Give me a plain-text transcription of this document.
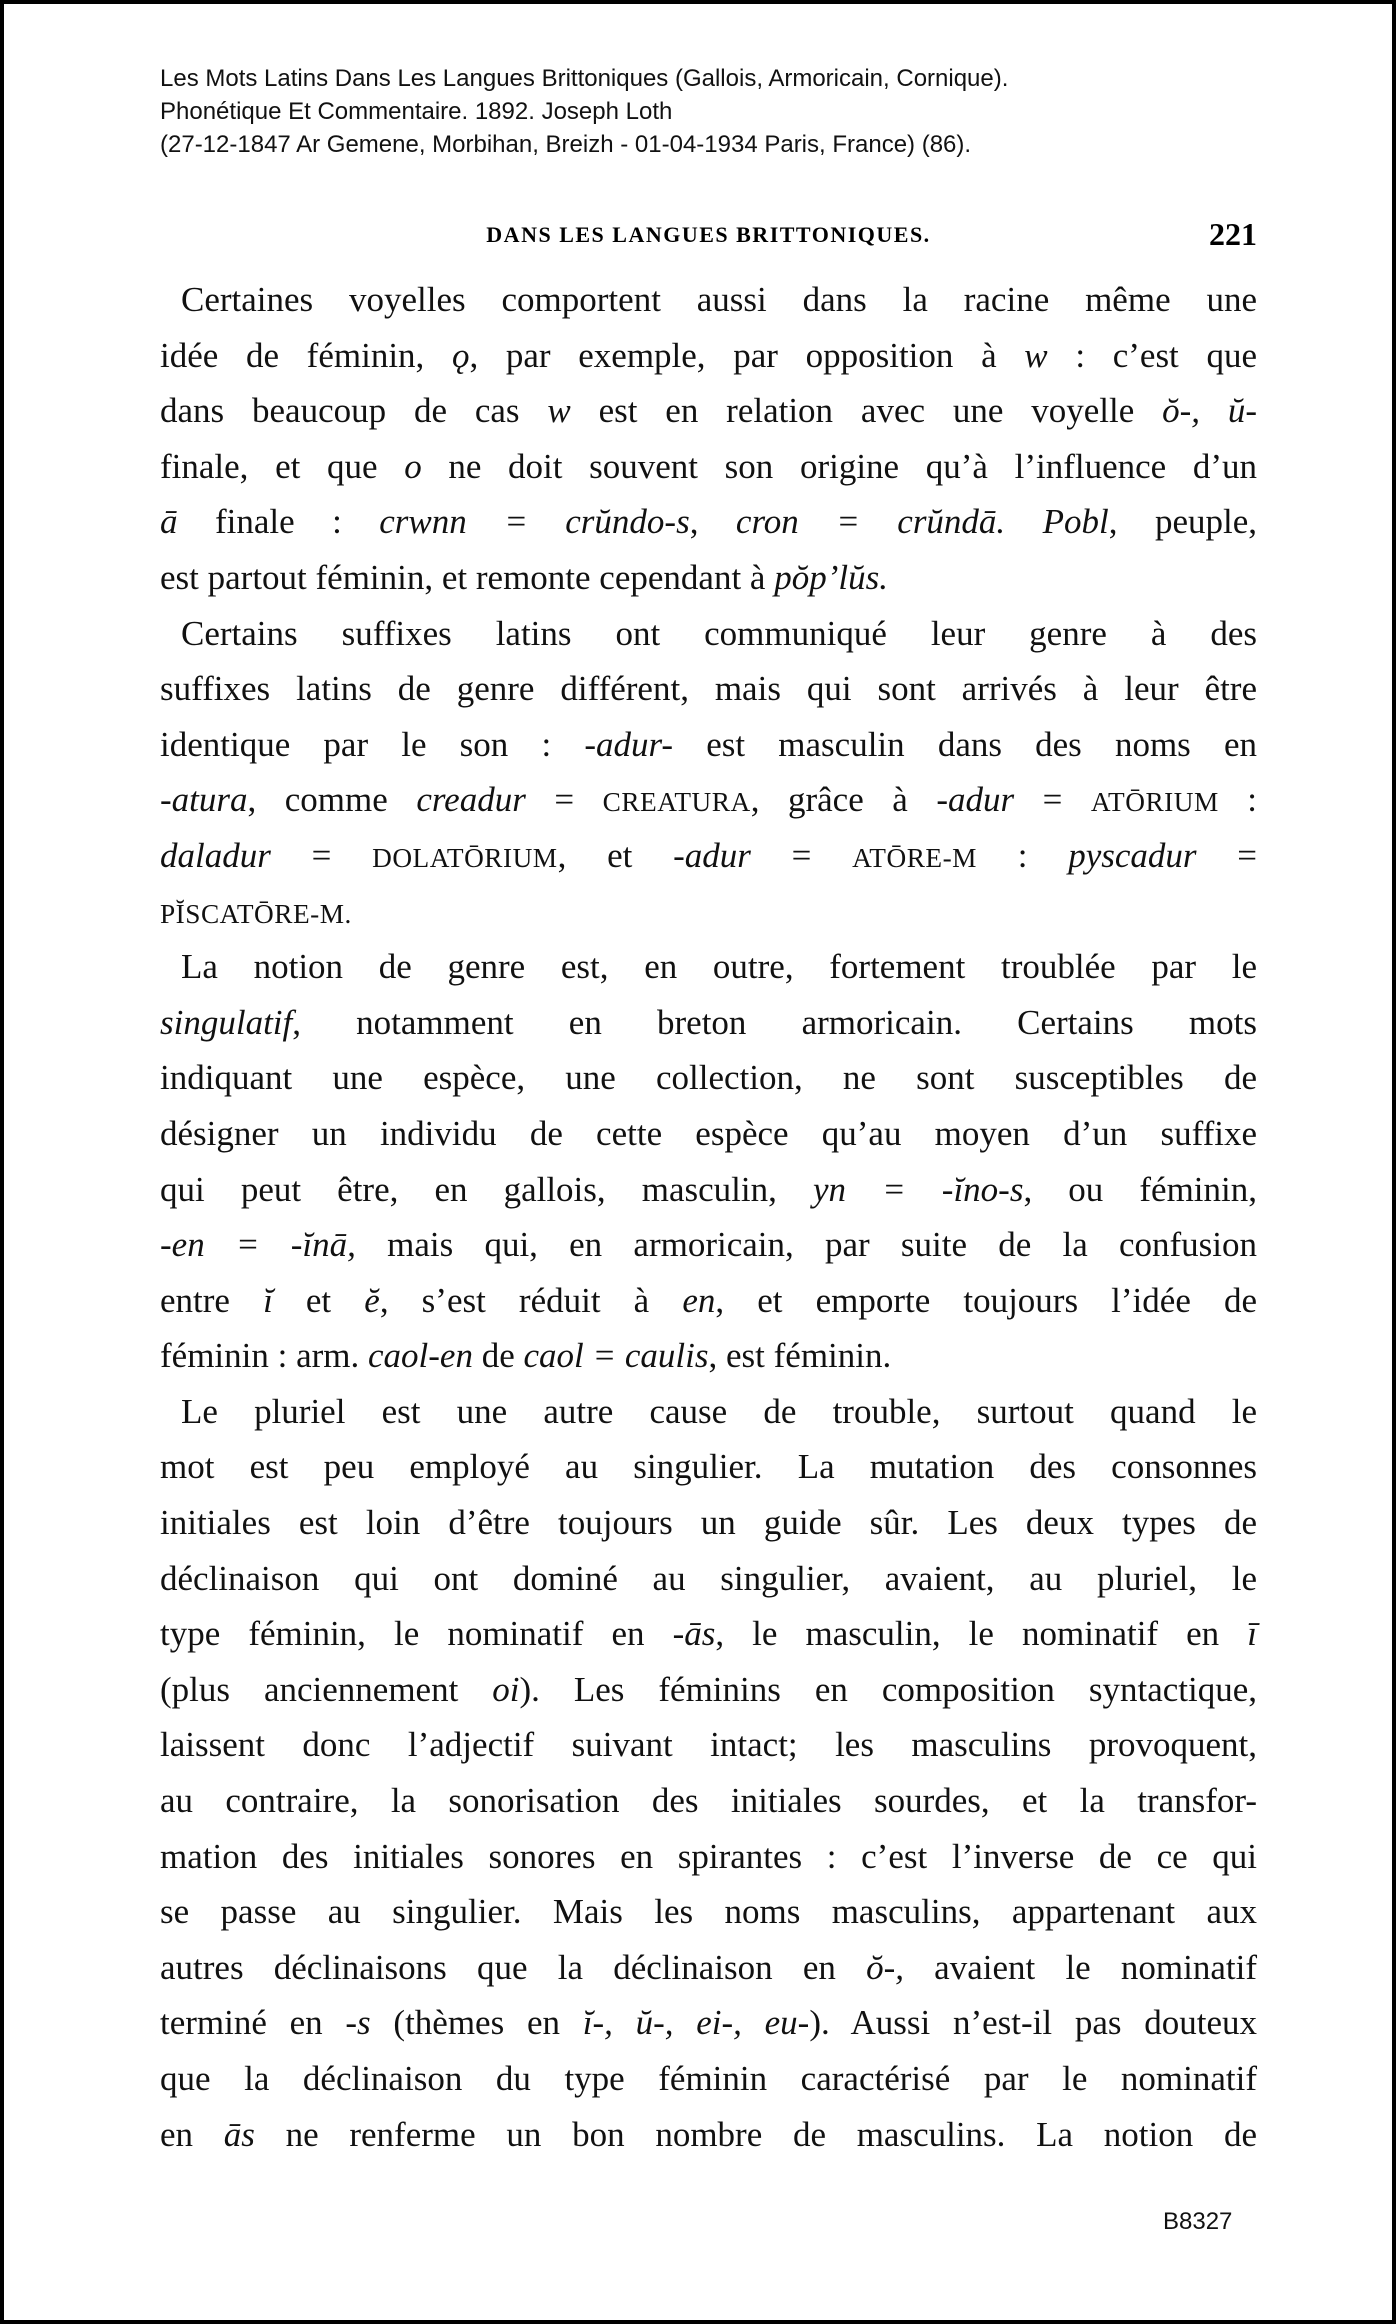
Les Mots Latins Dans Les Langues Brittoniques (Gallois, Armoricain, Cornique).
Phonétique Et Commentaire. 1892. Joseph Loth
(27-12-1847 Ar Gemene, Morbihan, Breizh - 01-04-1934 Paris, France) (86).
DANS LES LANGUES BRITTONIQUES.	221
Certaines voyelles comportent aussi dans la racine même une
idée de féminin, ǫ, par exemple, par opposition à w : c’est que
dans beaucoup de cas w est en relation avec une voyelle ŏ-, ŭ-
finale, et que o ne doit souvent son origine qu’à l’influence d’un
ā finale : crwnn = crŭndo-s, cron = crŭndā. Pobl, peuple,
est partout féminin, et remonte cependant à pŏp’lŭs.
Certains suffixes latins ont communiqué leur genre à des
suffixes latins de genre différent, mais qui sont arrivés à leur être
identique par le son : -adur- est masculin dans des noms en
-atura, comme creadur = CREATURA, grâce à -adur = ATŌRIUM :
daladur = DOLATŌRIUM, et -adur = ATŌRE-M : pyscadur =
PĬSCATŌRE-M.
La notion de genre est, en outre, fortement troublée par le
singulatif, notamment en breton armoricain. Certains mots
indiquant une espèce, une collection, ne sont susceptibles de
désigner un individu de cette espèce qu’au moyen d’un suffixe
qui peut être, en gallois, masculin, yn = -ĭno-s, ou féminin,
-en = -ĭnā, mais qui, en armoricain, par suite de la confusion
entre ĭ et ĕ, s’est réduit à en, et emporte toujours l’idée de
féminin : arm. caol-en de caol = caulis, est féminin.
Le pluriel est une autre cause de trouble, surtout quand le
mot est peu employé au singulier. La mutation des consonnes
initiales est loin d’être toujours un guide sûr. Les deux types de
déclinaison qui ont dominé au singulier, avaient, au pluriel, le
type féminin, le nominatif en -ās, le masculin, le nominatif en ī
(plus anciennement oi). Les féminins en composition syntactique,
laissent donc l’adjectif suivant intact; les masculins provoquent,
au contraire, la sonorisation des initiales sourdes, et la transfor-
mation des initiales sonores en spirantes : c’est l’inverse de ce qui
se passe au singulier. Mais les noms masculins, appartenant aux
autres déclinaisons que la déclinaison en ŏ-, avaient le nominatif
terminé en -s (thèmes en ĭ-, ŭ-, ei-, eu-). Aussi n’est-il pas douteux
que la déclinaison du type féminin caractérisé par le nominatif
en ās ne renferme un bon nombre de masculins. La notion de
B8327
